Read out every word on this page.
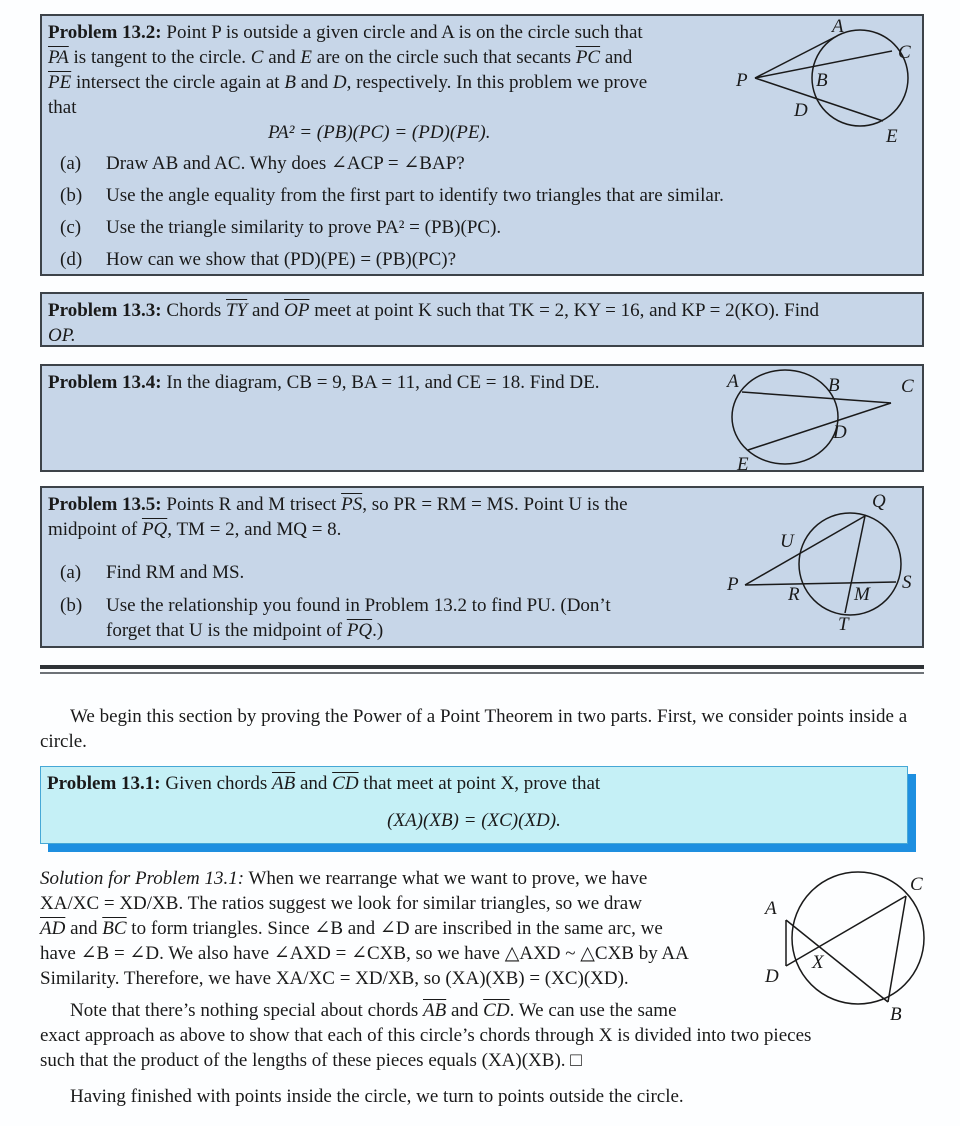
Problem 13.2: Point P is outside a given circle and A is on the circle such that
$\overline{PA}$ is tangent to the circle. C and E are on the circle such that secants $\overline{PC}$ and
$\overline{PE}$ intersect the circle again at B and D, respectively. In this problem we prove
that
PA² = (PB)(PC) = (PD)(PE).
(a)	Draw AB and AC. Why does ∠ACP = ∠BAP?
(b)	Use the angle equality from the first part to identify two triangles that are similar.
(c)	Use the triangle similarity to prove PA² = (PB)(PC).
(d)	How can we show that (PD)(PE) = (PB)(PC)?
A
C
P	B
D
E
Problem 13.3: Chords $\overline{TY}$ and $\overline{OP}$ meet at point K such that TK = 2, KY = 16, and KP = 2(KO). Find
OP.
Problem 13.4: In the diagram, CB = 9, BA = 11, and CE = 18. Find DE.	A	B	C
D
E
Problem 13.5: Points R and M trisect $\overline{PS}$, so PR = RM = MS. Point U is the
midpoint of $\overline{PQ}$, TM = 2, and MQ = 8.
(a)	Find RM and MS.
(b)	Use the relationship you found in Problem 13.2 to find PU. (Don’t
forget that U is the midpoint of $\overline{PQ}$.)
Q
U
P	R	M
S
T
We begin this section by proving the Power of a Point Theorem in two parts. First, we consider points inside a circle.
Problem 13.1: Given chords $\overline{AB}$ and $\overline{CD}$ that meet at point X, prove that
(XA)(XB) = (XC)(XD).
Solution for Problem 13.1: When we rearrange what we want to prove, we have
XA/XC = XD/XB. The ratios suggest we look for similar triangles, so we draw
$\overline{AD}$ and $\overline{BC}$ to form triangles. Since ∠B and ∠D are inscribed in the same arc, we
have ∠B = ∠D. We also have ∠AXD = ∠CXB, so we have △AXD ~ △CXB by AA
Similarity. Therefore, we have XA/XC = XD/XB, so (XA)(XB) = (XC)(XD).
A
C
X
D
B
Note that there’s nothing special about chords $\overline{AB}$ and $\overline{CD}$. We can use the same
exact approach as above to show that each of this circle’s chords through X is divided into two pieces
such that the product of the lengths of these pieces equals (XA)(XB). □
Having finished with points inside the circle, we turn to points outside the circle.
